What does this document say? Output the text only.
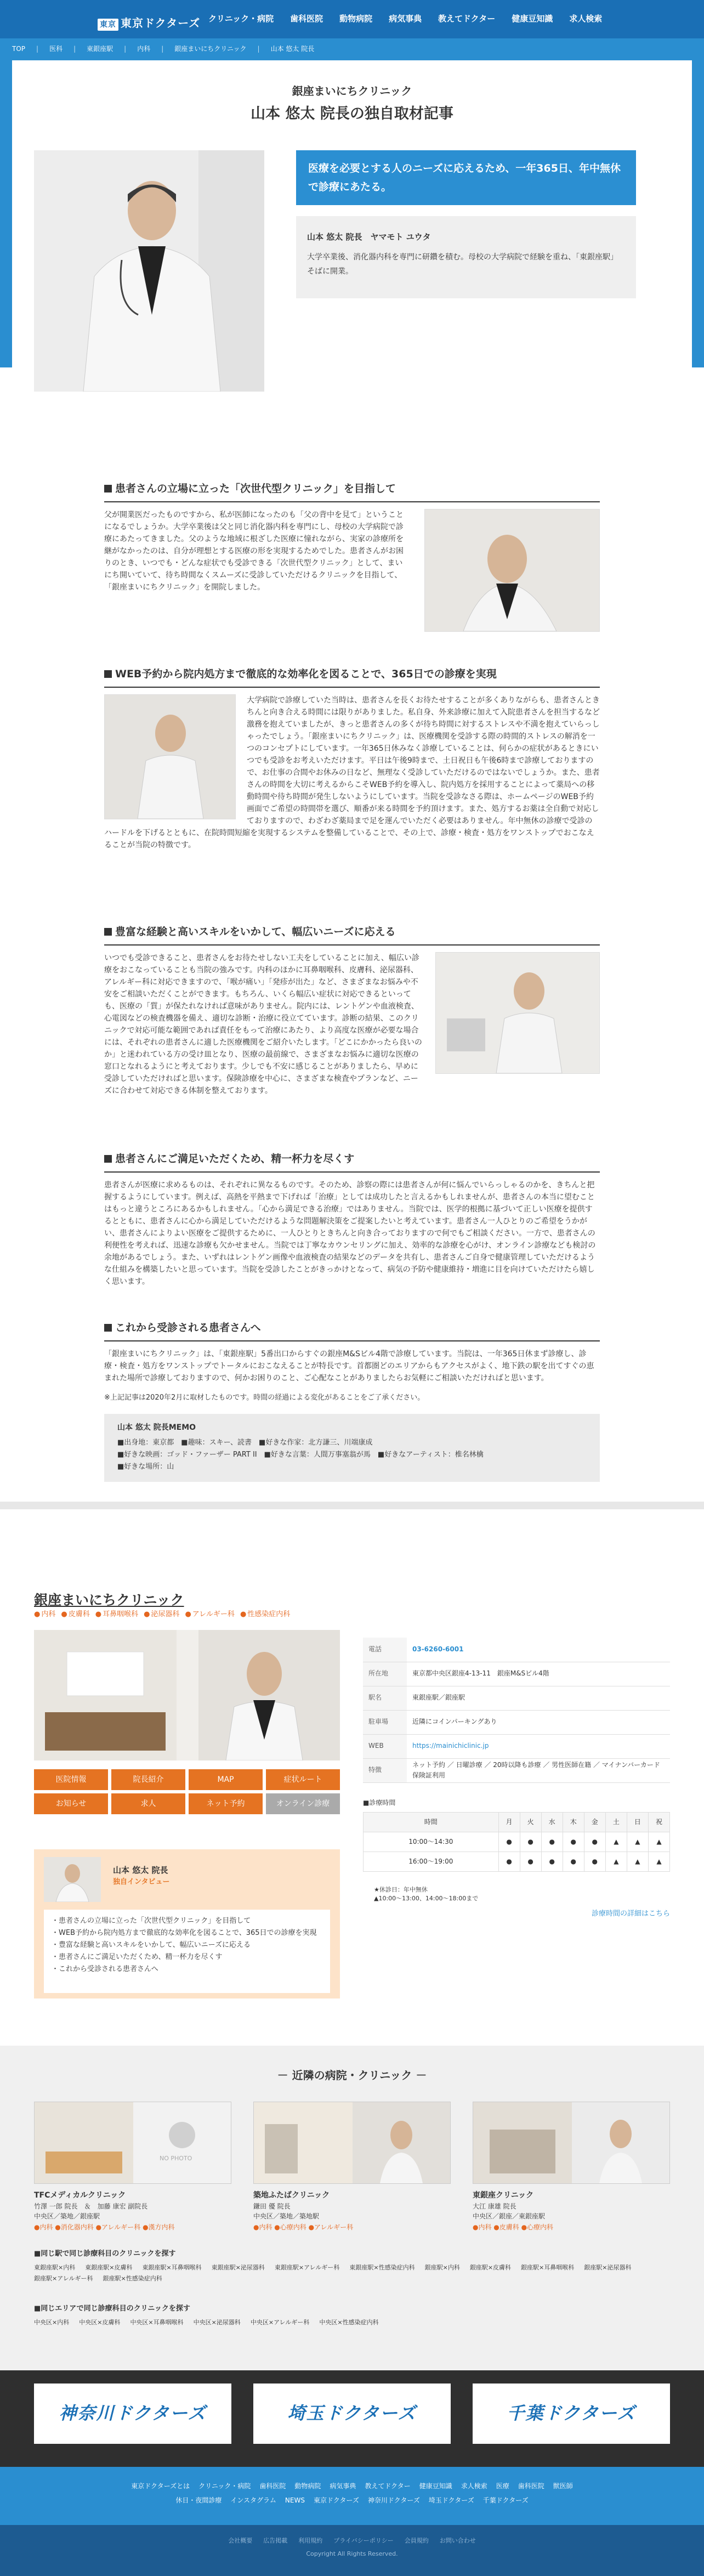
東京 東京ドクターズ クリニック・病院 歯科医院 動物病院 病気事典 教えてドクター 健康豆知識 求人検索
TOP | 医科 | 東銀座駅 | 内科 | 銀座まいにちクリニック | 山本 悠太 院長
銀座まいにちクリニック
山本 悠太 院長の独自取材記事
医療を必要とする人のニーズに応えるため、一年365日、年中無休で診療にあたる。
山本 悠太 院長　ヤマモト ユウタ
大学卒業後、消化器内科を専門に研鑽を積む。母校の大学病院で経験を重ね、「東銀座駅」そばに開業。
患者さんの立場に立った「次世代型クリニック」を目指して
父が開業医だったものですから、私が医師になったのも「父の背中を見て」ということになるでしょうか。大学卒業後は父と同じ消化器内科を専門にし、母校の大学病院で診療にあたってきました。父のような地域に根ざした医療に憧れながら、実家の診療所を継がなかったのは、自分が理想とする医療の形を実現するためでした。患者さんがお困りのとき、いつでも・どんな症状でも受診できる「次世代型クリニック」として、まいにち開いていて、待ち時間なくスムーズに受診していただけるクリニックを目指して、「銀座まいにちクリニック」を開院しました。
WEB予約から院内処方まで徹底的な効率化を図ることで、365日での診療を実現
大学病院で診療していた当時は、患者さんを長くお待たせすることが多くありながらも、患者さんときちんと向き合える時間には限りがありました。私自身、外来診療に加えて入院患者さんを担当するなど激務を抱えていましたが、きっと患者さんの多くが待ち時間に対するストレスや不満を抱えていらっしゃったでしょう。「銀座まいにちクリニック」は、医療機関を受診する際の時間的ストレスの解消を一つのコンセプトにしています。一年365日休みなく診療していることは、何らかの症状があるときにいつでも受診をお考えいただけます。平日は午後9時まで、土日祝日も午後6時まで診療しておりますので、お仕事の合間やお休みの日など、無理なく受診していただけるのではないでしょうか。また、患者さんの時間を大切に考えるからこそWEB予約を導入し、院内処方を採用することによって薬局への移動時間や待ち時間が発生しないようにしています。当院を受診なさる際は、ホームページのWEB予約画面でご希望の時間帯を選び、順番が来る時間を予約頂けます。また、処方するお薬は全自動で対応しておりますので、わざわざ薬局まで足を運んでいただく必要はありません。年中無休の診療で受診のハードルを下げるとともに、在院時間短縮を実現するシステムを整備していることで、その上で、診療・検査・処方をワンストップでおこなえることが当院の特徴です。
豊富な経験と高いスキルをいかして、幅広いニーズに応える
いつでも受診できること、患者さんをお待たせしない工夫をしていることに加え、幅広い診療をおこなっていることも当院の強みです。内科のほかに耳鼻咽喉科、皮膚科、泌尿器科、アレルギー科に対応できますので、「喉が痛い」「発疹が出た」など、さまざまなお悩みや不安をご相談いただくことができます。もちろん、いくら幅広い症状に対応できるといっても、医療の「質」が保たれなければ意味がありません。院内には、レントゲンや血液検査、心電図などの検査機器を備え、適切な診断・治療に役立てています。診断の結果、このクリニックで対応可能な範囲であれば責任をもって治療にあたり、より高度な医療が必要な場合には、それぞれの患者さんに適した医療機関をご紹介いたします。「どこにかかったら良いのか」と迷われている方の受け皿となり、医療の最前線で、さまざまなお悩みに適切な医療の窓口となれるようにと考えております。少しでも不安に感じることがありましたら、早めに受診していただければと思います。保険診療を中心に、さまざまな検査やプランなど、ニーズに合わせて対応できる体制を整えております。
患者さんにご満足いただくため、精一杯力を尽くす
患者さんが医療に求めるものは、それぞれに異なるものです。そのため、診察の際には患者さんが何に悩んでいらっしゃるのかを、きちんと把握するようにしています。例えば、高熱を平熱まで下げれば「治療」としては成功したと言えるかもしれませんが、患者さんの本当に望むことはもっと違うところにあるかもしれません。「心から満足できる治療」ではありません。当院では、医学的根拠に基づいて正しい医療を提供するとともに、患者さんに心から満足していただけるような問題解決策をご提案したいと考えています。患者さん一人ひとりのご希望をうかがい、患者さんによりよい医療をご提供するために、一人ひとりときちんと向き合っておりますので何でもご相談ください。一方で、患者さんの利便性を考えれば、迅速な診療も欠かせません。当院では丁寧なカウンセリングに加え、効率的な診療を心がけ、オンライン診療なども検討の余地があるでしょう。また、いずれはレントゲン画像や血液検査の結果などのデータを共有し、患者さんご自身で健康管理していただけるような仕組みを構築したいと思っています。当院を受診したことがきっかけとなって、病気の予防や健康維持・増進に目を向けていただけたら嬉しく思います。
これから受診される患者さんへ
「銀座まいにちクリニック」は、「東銀座駅」5番出口からすぐの銀座M&Sビル4階で診療しています。当院は、一年365日休まず診療し、診療・検査・処方をワンストップでトータルにおこなえることが特長です。首都圏どのエリアからもアクセスがよく、地下鉄の駅を出てすぐの恵まれた場所で診療しておりますので、何かお困りのこと、ご心配なことがありましたらお気軽にご相談いただければと思います。
※上記記事は2020年2月に取材したものです。時間の経過による変化があることをご了承ください。
山本 悠太 院長MEMO
■出身地：東京都　■趣味：スキー、読書　■好きな作家：北方謙三、川端康成
■好きな映画：ゴッド・ファーザー PART II　■好きな言葉：人間万事塞翁が馬　■好きなアーティスト：椎名林檎
■好きな場所：山
銀座まいにちクリニック
● 内科	● 皮膚科	● 耳鼻咽喉科	● 泌尿器科	● アレルギー科	● 性感染症内科
医院情報	院長紹介	MAP	症状ルート
お知らせ	求人	ネット予約	オンライン診療
山本 悠太 院長
独自インタビュー
・ 患者さんの立場に立った「次世代型クリニック」を目指して
・ WEB予約から院内処方まで徹底的な効率化を図ることで、365日での診療を実現
・ 豊富な経験と高いスキルをいかして、幅広いニーズに応える
・ 患者さんにご満足いただくため、精一杯力を尽くす
・ これから受診される患者さんへ
電話	03-6260-6001
所在地	東京都中央区銀座4-13-11　銀座M&Sビル4階
駅名	東銀座駅／銀座駅
駐車場	近隣にコインパーキングあり
WEB	https://mainichiclinic.jp
特徴	ネット予約 ／ 日曜診療 ／ 20時以降も診療 ／ 男性医師在籍 ／ マイナンバーカード保険証利用
■診療時間
時間	月	火	水	木	金	土	日	祝
10:00～14:30	●	●	●	●	●	▲	▲	▲
16:00～19:00	●	●	●	●	●	▲	▲	▲
★休診日：年中無休
▲10:00～13:00、14:00～18:00まで
診療時間の詳細はこちら
－ 近隣の病院・クリニック －
NO PHOTO
TFCメディカルクリニック
竹澤 一郎 院長　＆　加藤 康宏 副院長
中央区／築地／銀座駅
●内科 ●消化器内科 ●アレルギー科 ●漢方内科
築地ふたばクリニック
鎌田 優 院長
中央区／築地／築地駅
●内科 ●心療内科 ●アレルギー科
東銀座クリニック
大江 康雄 院長
中央区／銀座／東銀座駅
●内科 ●皮膚科 ●心療内科
■同じ駅で同じ診療科目のクリニックを探す
東銀座駅×内科 東銀座駅×皮膚科 東銀座駅×耳鼻咽喉科 東銀座駅×泌尿器科 東銀座駅×アレルギー科 東銀座駅×性感染症内科 銀座駅×内科 銀座駅×皮膚科 銀座駅×耳鼻咽喉科 銀座駅×泌尿器科
銀座駅×アレルギー科 銀座駅×性感染症内科
■同じエリアで同じ診療科目のクリニックを探す
中央区×内科 中央区×皮膚科 中央区×耳鼻咽喉科 中央区×泌尿器科 中央区×アレルギー科 中央区×性感染症内科
神奈川ドクターズ	埼玉ドクターズ	千葉ドクターズ
東京ドクターズとは クリニック・病院 歯科医院 動物病院 病気事典 教えてドクター 健康豆知識 求人検索 医療 歯科医院 獣医師
休日・夜間診療 インスタグラム NEWS 東京ドクターズ 神奈川ドクターズ 埼玉ドクターズ 千葉ドクターズ
会社概要 広告掲載 利用規約 プライバシーポリシー 会員規約 お問い合わせ
Copyright All Rights Reserved.
